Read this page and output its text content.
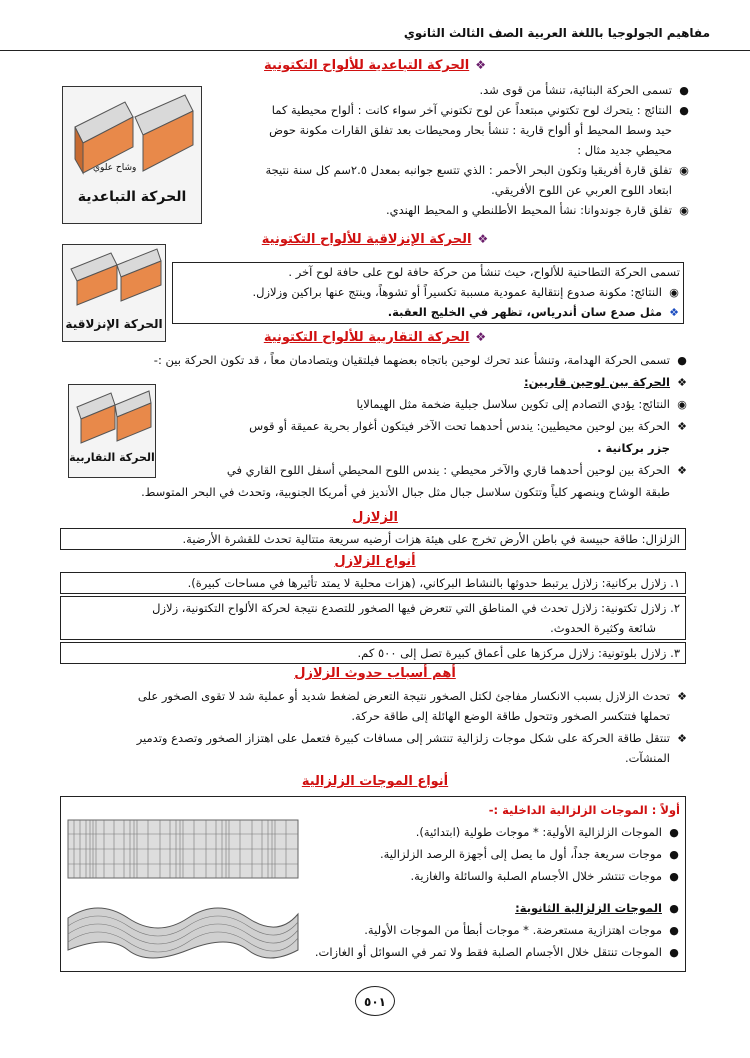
مفاهيم الجولوجيا باللغة العربية الصف الثالث الثانوي
❖الحركة التباعدية للألواح التكتونية
وشاح علوي
الحركة التباعدية
●تسمى الحركة البنائية، تنشأ من قوى شد.
●النتائج : يتحرك لوح تكتوني مبتعداً عن لوح تكتوني آخر سواء كانت : ألواح محيطية كما
حيد وسط المحيط أو ألواح قارية : تنشأ بحار ومحيطات بعد تفلق القارات مكونة حوض
محيطي جديد مثال :
◉تفلق قارة أفريقيا وتكون البحر الأحمر : الذي تتسع جوانبه بمعدل ٢.٥سم كل سنة نتيجة
ابتعاد اللوح العربي عن اللوح الأفريقي.
◉تفلق قارة جوندوانا: نشأ المحيط الأطلنطي و المحيط الهندي.
❖الحركة الإنزلاقية للألواح التكتونية
الحركة الإنزلاقية
تسمى الحركة التطاحنية للألواح، حيث تنشأ من حركة حافة لوح على حافة لوح آخر .
◉النتائج: مكونة صدوع إنتقالية عمودية مسببة تكسيراً أو تشوهاً، وينتج عنها براكين وزلازل.
❖مثل صدع سان أندرياس، تظهر في الخليج العقبة.
❖الحركة التقاربية للألواح التكتونية
الحركة التقاربية
●تسمى الحركة الهدامة، وتنشأ عند تحرك لوحين باتجاه بعضهما فيلتقيان ويتصادمان معاً ، قد تكون الحركة بين :-
❖الحركة بين لوحين قاريين:
◉النتائج: يؤدي التصادم إلى تكوين سلاسل جبلية ضخمة مثل الهيمالايا
❖الحركة بين لوحين محيطيين: يندس أحدهما تحت الآخر فيتكون أغوار بحرية عميقة أو قوس
جزر بركانية .
❖الحركة بين لوحين أحدهما قاري والآخر محيطي : يندس اللوح المحيطي أسفل اللوح القاري في
طبقة الوشاح وينصهر كلياً وتتكون سلاسل جبال مثل جبال الأنديز في أمريكا الجنوبية، وتحدث في البحر المتوسط.
الزلازل
الزلزال: طاقة حبيسة في باطن الأرض تخرج على هيئة هزات أرضيه سريعة متتالية تحدث للقشرة الأرضية.
أنواع الزلازل
١. زلازل بركانية: زلازل يرتبط حدوثها بالنشاط البركاني، (هزات محلية لا يمتد تأثيرها في مساحات كبيرة).
٢. زلازل تكتونية: زلازل تحدث في المناطق التي تتعرض فيها الصخور للتصدع نتيجة لحركة الألواح التكتونية، زلازل
شائعة وكثيرة الحدوث.
٣. زلازل بلوتونية: زلازل مركزها على أعماق كبيرة تصل إلى ٥٠٠ كم.
أهم أسباب حدوث الزلازل
❖تحدث الزلازل بسبب الانكسار مفاجئ لكتل الصخور نتيجة التعرض لضغط شديد أو عملية شد لا تقوى الصخور على
تحملها فتتكسر الصخور وتتحول طاقة الوضع الهائلة إلى طاقة حركة.
❖تنتقل طاقة الحركة على شكل موجات زلزالية تنتشر إلى مسافات كبيرة فتعمل على اهتزاز الصخور وتصدع وتدمير
المنشآت.
أنواع الموجات الزلزالية
أولاً : الموجات الزلزالية الداخلية :-
●الموجات الزلزالية الأولية: * موجات طولية (ابتدائية).
●موجات سريعة جداً، أول ما يصل إلى أجهزة الرصد الزلزالية.
●موجات تنتشر خلال الأجسام الصلبة والسائلة والغازية.
●الموجات الزلزالية الثانوية:
●موجات اهتزازية مستعرضة. * موجات أبطأ من الموجات الأولية.
●الموجات تنتقل خلال الأجسام الصلبة فقط ولا تمر في السوائل أو الغازات.
٥٠١
